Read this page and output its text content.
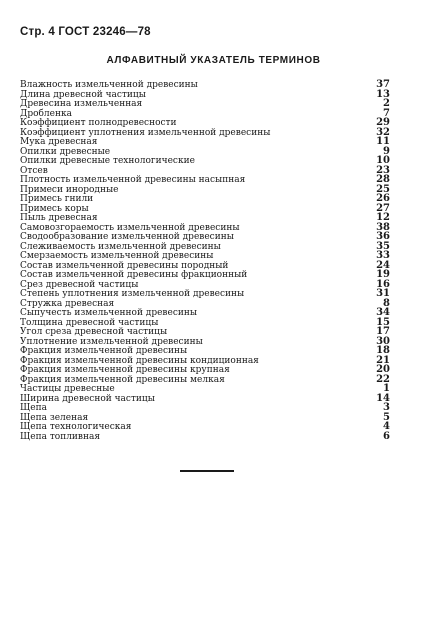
Стр. 4 ГОСТ 23246—78
АЛФАВИТНЫЙ УКАЗАТЕЛЬ ТЕРМИНОВ
Влажность измельченной древесины	37
Длина древесной частицы	13
Древесина измельченная	2
Дробленка	7
Коэффициент полнодревесности	29
Коэффициент уплотнения измельченной древесины	32
Мука древесная	11
Опилки древесные	9
Опилки древесные технологические	10
Отсев	23
Плотность измельченной древесины насыпная	28
Примеси инородные	25
Примесь гнили	26
Примесь коры	27
Пыль древесная	12
Самовозгораемость измельченной древесины	38
Сводообразование измельченной древесины	36
Слеживаемость измельченной древесины	35
Смерзаемость измельченной древесины	33
Состав измельченной древесины породный	24
Состав измельченной древесины фракционный	19
Срез древесной частицы	16
Степень уплотнения измельченной древесины	31
Стружка древесная	8
Сыпучесть измельченной древесины	34
Толщина древесной частицы	15
Угол среза древесной частицы	17
Уплотнение измельченной древесины	30
Фракция измельченной древесины	18
Фракция измельченной древесины кондиционная	21
Фракция измельченной древесины крупная	20
Фракция измельченной древесины мелкая	22
Частицы древесные	1
Ширина древесной частицы	14
Щепа	3
Щепа зеленая	5
Щепа технологическая	4
Щепа топливная	6
